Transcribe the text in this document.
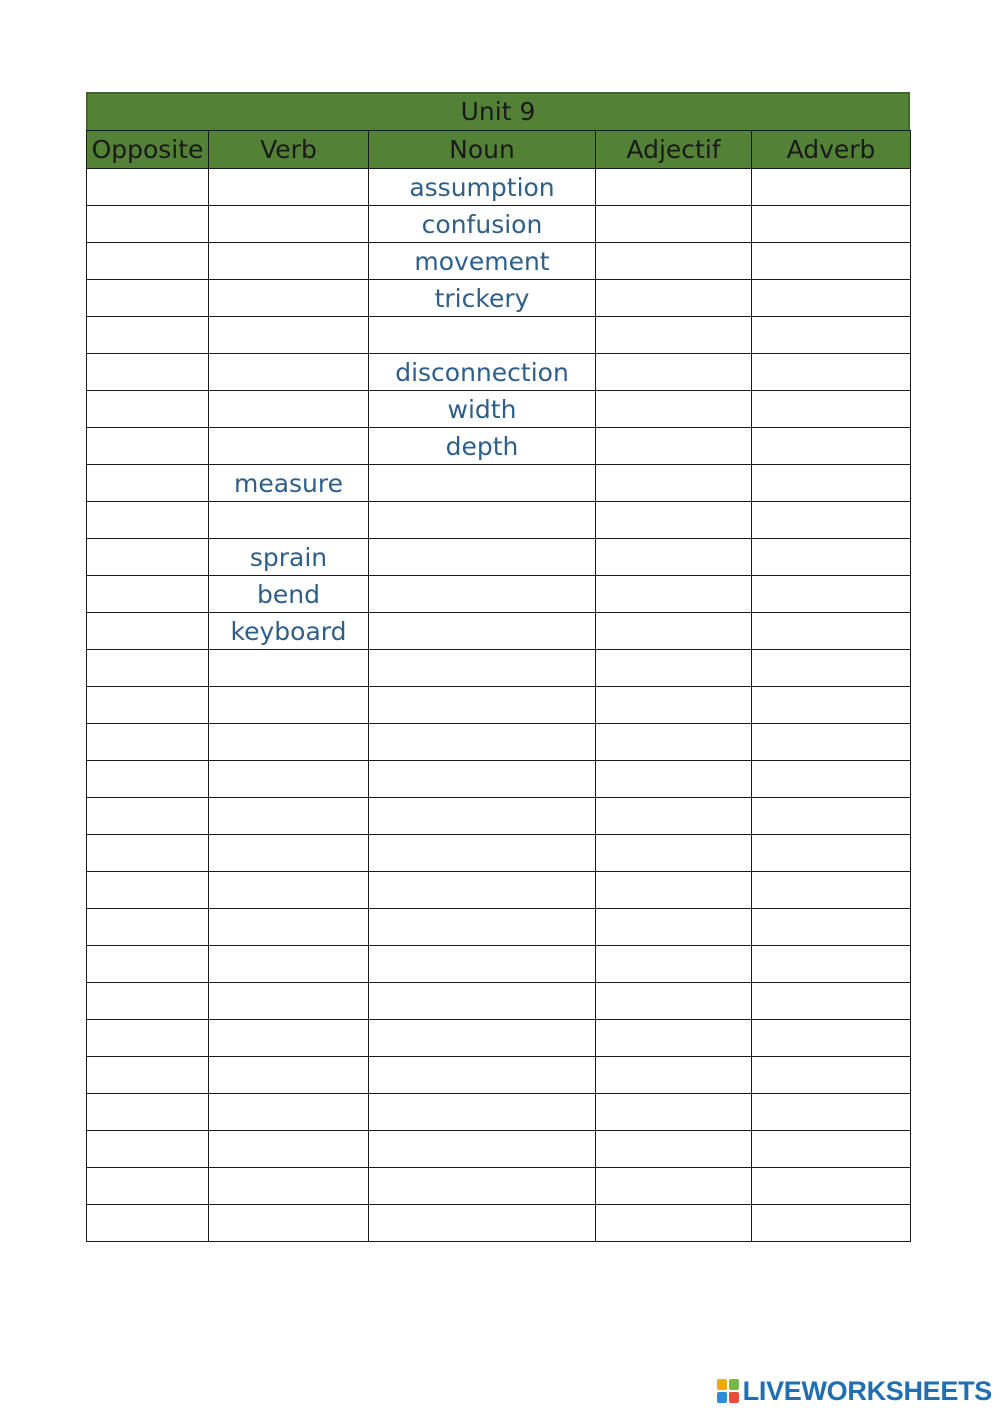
Unit 9
Opposite	Verb	Noun	Adjectif	Adverb
		assumption		
		confusion		
		movement		
		trickery		

		disconnection		
		width		
		depth		
	measure			

	sprain			
	bend			
	keyboard			

LIVEWORKSHEETS
